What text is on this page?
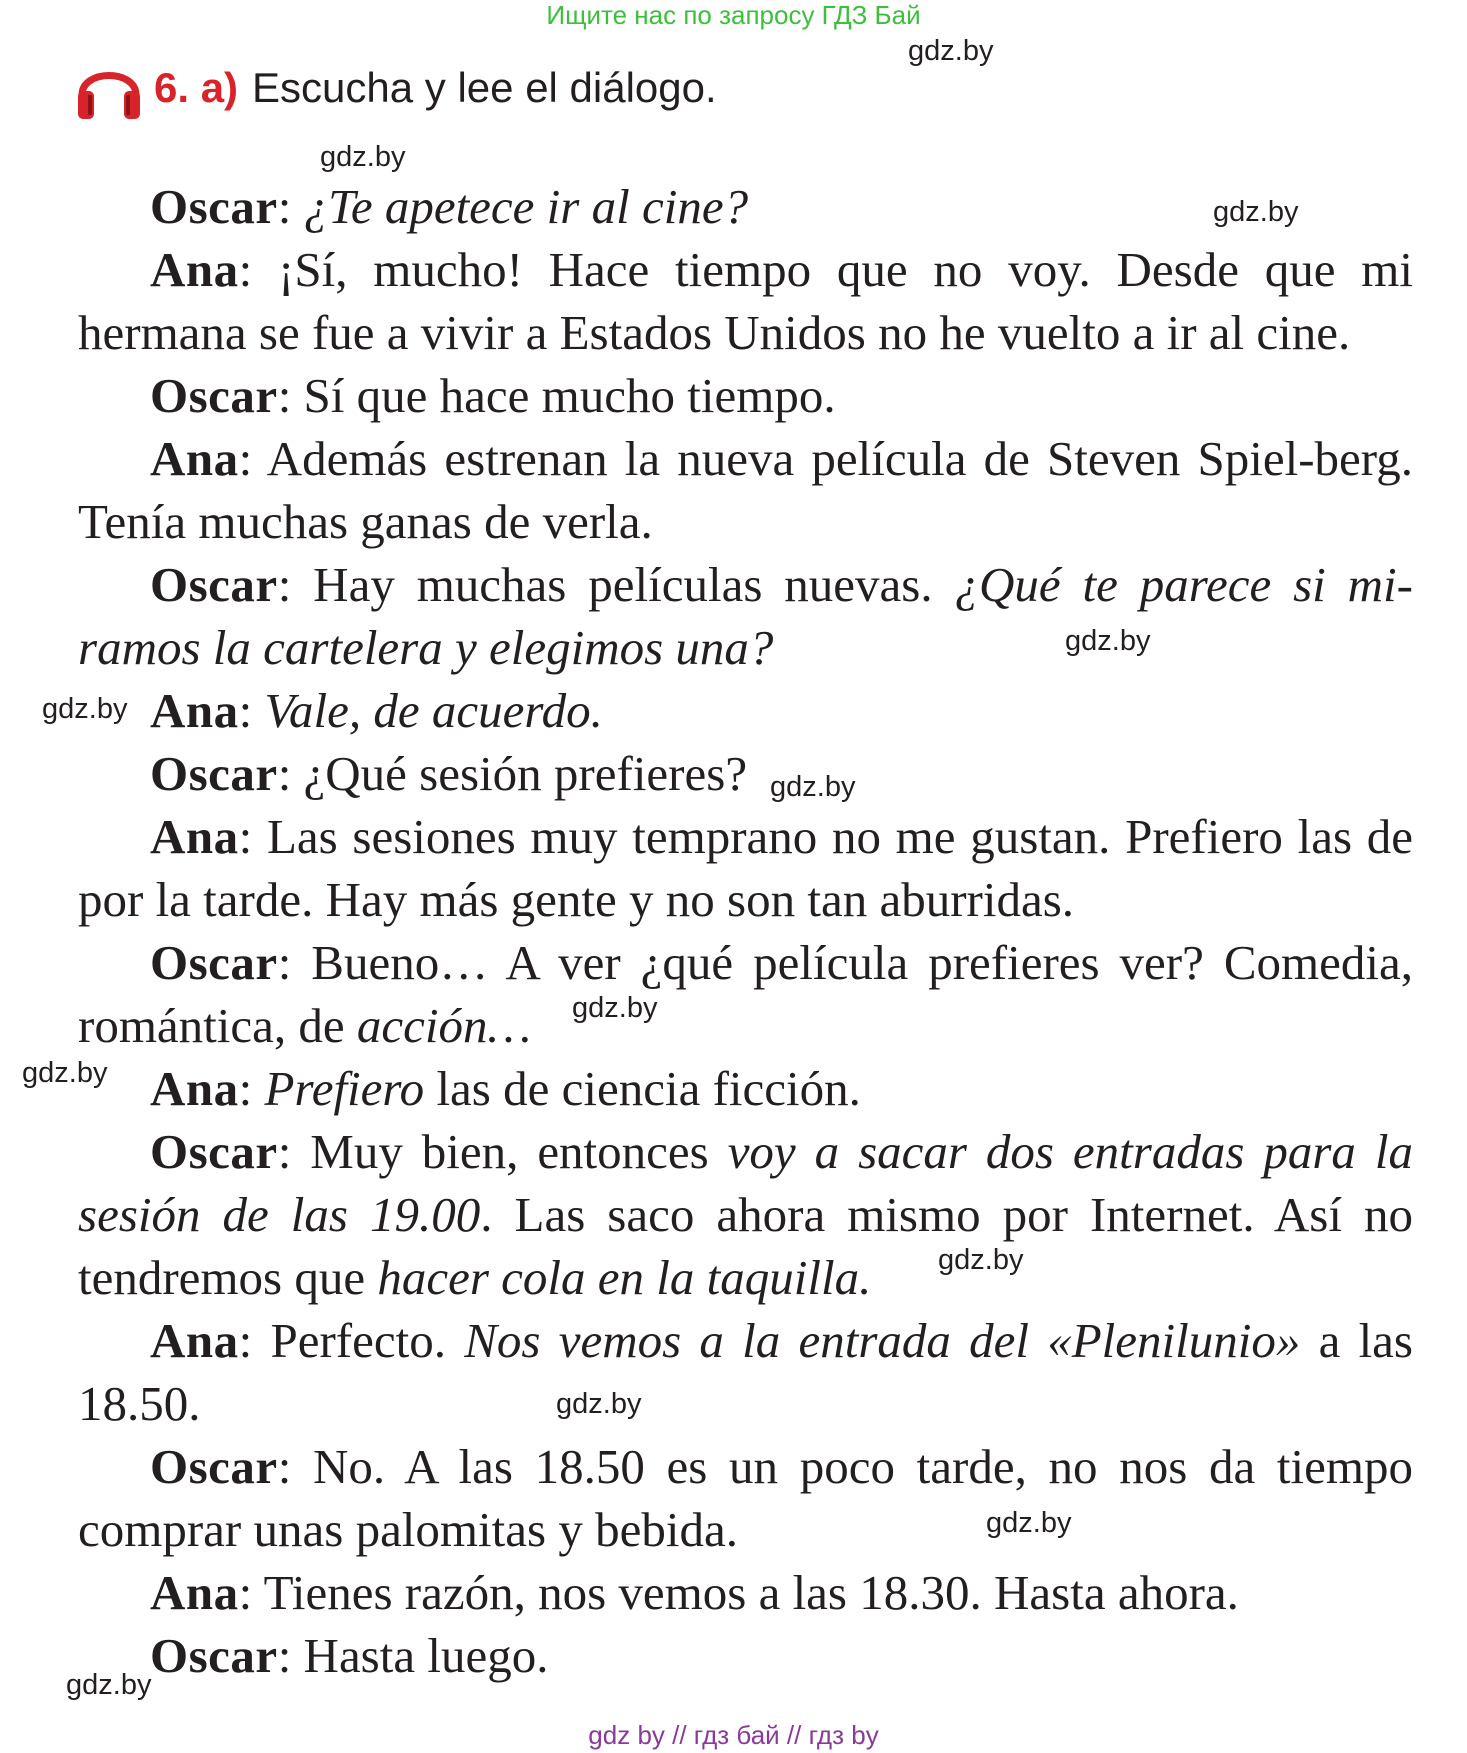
Ищите нас по запросу ГДЗ Бай
6. a) Escucha y lee el diálogo.
Oscar: ¿Te apetece ir al cine?
Ana: ¡Sí, mucho! Hace tiempo que no voy. Desde que mi hermana se fue a vivir a Estados Unidos no he vuelto a ir al cine.
Oscar: Sí que hace mucho tiempo.
Ana: Además estrenan la nueva película de Steven Spiel-berg. Tenía muchas ganas de verla.
Oscar: Hay muchas películas nuevas. ¿Qué te parece si mi-ramos la cartelera y elegimos una?
Ana: Vale, de acuerdo.
Oscar: ¿Qué sesión prefieres?
Ana: Las sesiones muy temprano no me gustan. Prefiero las de por la tarde. Hay más gente y no son tan aburridas.
Oscar: Bueno… A ver ¿qué película prefieres ver? Comedia, romántica, de acción…
Ana: Prefiero las de ciencia ficción.
Oscar: Muy bien, entonces voy a sacar dos entradas para la sesión de las 19.00. Las saco ahora mismo por Internet. Así no tendremos que hacer cola en la taquilla.
Ana: Perfecto. Nos vemos a la entrada del «Plenilunio» a las 18.50.
Oscar: No. A las 18.50 es un poco tarde, no nos da tiempo comprar unas palomitas y bebida.
Ana: Tienes razón, nos vemos a las 18.30. Hasta ahora.
Oscar: Hasta luego.
gdz.by
gdz.by
gdz.by
gdz.by
gdz.by
gdz.by
gdz.by
gdz.by
gdz.by
gdz.by
gdz.by
gdz.by
gdz by // гдз бай // гдз by
